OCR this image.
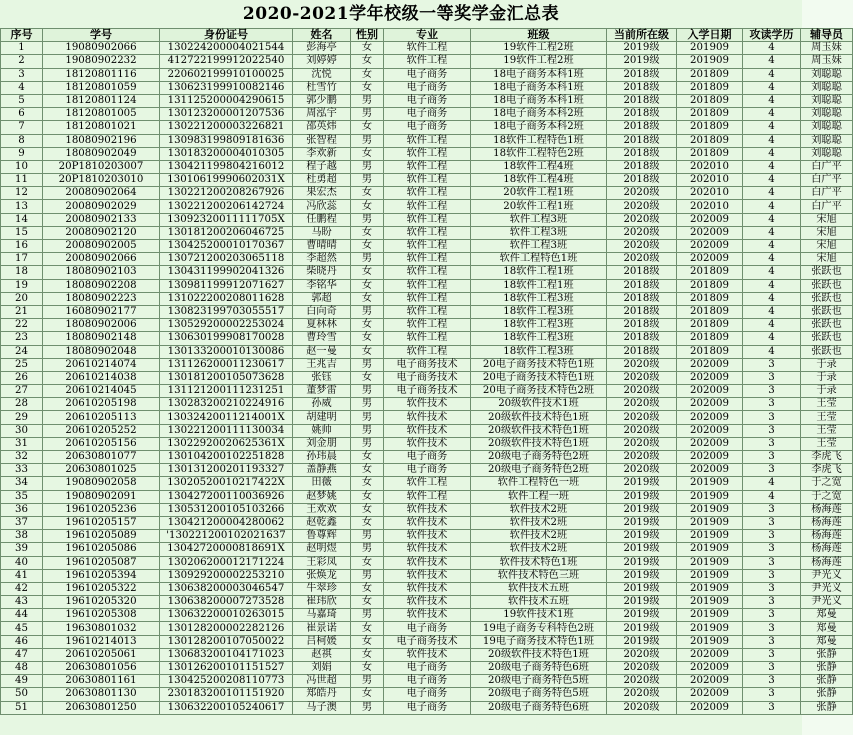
2020-2021学年校级一等奖学金汇总表
序号	学号	身份证号	姓名	性别	专业	班级	当前所在级	入学日期	攻读学历	辅导员
1	19080902066	130224200004021544	彭海亭	女	软件工程	19软件工程2班	2019级	201909	4	周玉妹
2	19080902232	412722199912022540	刘婷婷	女	软件工程	19软件工程2班	2019级	201909	4	周玉妹
3	18120801116	220602199910100025	沈悦	女	电子商务	18电子商务本科1班	2018级	201809	4	刘聪聪
4	18120801059	130623199910082146	杜雪竹	女	电子商务	18电子商务本科1班	2018级	201809	4	刘聪聪
5	18120801124	131125200004290615	郭少鹏	男	电子商务	18电子商务本科1班	2018级	201809	4	刘聪聪
6	18120801005	130123200001207536	周泓宇	男	电子商务	18电子商务本科2班	2018级	201809	4	刘聪聪
7	18120801021	130221200003226821	邵英炜	女	电子商务	18电子商务本科2班	2018级	201809	4	刘聪聪
8	18080902196	130983199809181636	张智程	男	软件工程	18软件工程特色1班	2018级	201809	4	刘聪聪
9	18080902049	130183200004010305	李欢新	女	软件工程	18软件工程特色2班	2018级	201809	4	刘聪聪
10	20P1810203007	130421199804216012	程子越	男	软件工程	18软件工程4班	2018级	202010	4	白广平
11	20P1810203010	13010619990602031X	杜勇超	男	软件工程	18软件工程4班	2018级	202010	4	白广平
12	20080902064	130221200208267926	果宏杰	女	软件工程	20软件工程1班	2020级	202010	4	白广平
13	20080902029	130221200206142724	冯欣蕊	女	软件工程	20软件工程1班	2020级	202010	4	白广平
14	20080902133	13092320011111705X	任鹏程	男	软件工程	软件工程3班	2020级	202009	4	宋旭
15	20080902120	130181200206046725	马盼	女	软件工程	软件工程3班	2020级	202009	4	宋旭
16	20080902005	130425200010170367	曹晴晴	女	软件工程	软件工程3班	2020级	202009	4	宋旭
17	20080902066	130721200203065118	李超然	男	软件工程	软件工程特色1班	2020级	202009	4	宋旭
18	18080902103	130431199902041326	柴晓丹	女	软件工程	18软件工程1班	2018级	201809	4	张跃也
19	18080902208	130981199912071627	李铭华	女	软件工程	18软件工程1班	2018级	201809	4	张跃也
20	18080902223	131022200208011628	郭超	女	软件工程	18软件工程3班	2018级	201809	4	张跃也
21	16080902177	130823199703055517	白向奇	男	软件工程	18软件工程3班	2018级	201809	4	张跃也
22	18080902006	130529200002253024	夏林林	女	软件工程	18软件工程3班	2018级	201809	4	张跃也
23	18080902148	130630199908170028	曹玲雪	女	软件工程	18软件工程3班	2018级	201809	4	张跃也
24	18080902048	130133200010130086	赵一曼	女	软件工程	18软件工程3班	2018级	201809	4	张跃也
25	20610214074	131126200011230617	王兆吉	男	电子商务技术	20电子商务技术特色1班	2020级	202009	3	于录
26	20610214038	130181200105073628	张钰	女	电子商务技术	20电子商务技术特色1班	2020级	202009	3	于录
27	20610214045	131121200111231251	董梦雷	男	电子商务技术	20电子商务技术特色2班	2020级	202009	3	于录
28	20610205198	130283200210224916	孙威	男	软件技术	20级软件技术1班	2020级	202009	3	王莹
29	20610205113	13032420011214001X	胡建明	男	软件技术	20级软件技术特色1班	2020级	202009	3	王莹
30	20610205252	130221200111130034	姚帅	男	软件技术	20级软件技术特色1班	2020级	202009	3	王莹
31	20610205156	13022920020625361X	刘金朋	男	软件技术	20级软件技术特色1班	2020级	202009	3	王莹
32	20630801077	130104200102251828	孙玮晨	女	电子商务	20级电子商务特色2班	2020级	202009	3	李虎飞
33	20630801025	130131200201193327	盖静燕	女	电子商务	20级电子商务特色2班	2020级	202009	3	李虎飞
34	19080902058	130205200102174​22X	田薇	女	软件工程	软件工程特色一班	2019级	201909	4	于之宽
35	19080902091	130427200110036926	赵梦姚	女	软件工程	软件工程一班	2019级	201909	4	于之宽
36	19610205236	130531200105103266	王欢欢	女	软件技术	软件技术2班	2019级	201909	3	杨海莲
37	19610205157	130421200004280062	赵乾鑫	女	软件技术	软件技术2班	2019级	201909	3	杨海莲
38	19610205089	'130221200102021637	鲁尊辉	男	软件技术	软件技术2班	2019级	201909	3	杨海莲
39	19610205086	130427200008186​91X	赵明煜	男	软件技术	软件技术2班	2019级	201909	3	杨海莲
40	19610205087	130206200012171224	王彩凤	女	软件技术	软件技术特色1班	2019级	201909	3	杨海莲
41	19610205394	130929200002253210	张焕龙	男	软件技术	软件技术特色三班	2019级	201909	3	尹光义
42	19610205322	130638200003046547	牛翠珍	女	软件技术	软件技术五班	2019级	201909	3	尹光义
43	19610205320	130638200007273528	崔玮欣	女	软件技术	软件技术五班	2019级	201909	3	尹光义
44	19610205308	130632200010263015	马嘉琦	男	软件技术	19软件技术1班	2019级	201909	3	郑曼
45	19630801032	130128200002282126	崔景诺	女	电子商务	19电子商务专科特色2班	2019级	201909	3	郑曼
46	19610214013	130128200107050022	吕柯媛	女	电子商务技术	19电子商务技术特色1班	2019级	201909	3	郑曼
47	20610205061	130683200104171023	赵祺	女	软件技术	20级软件技术特色1班	2020级	202009	3	张静
48	20630801056	130126200101151527	刘娟	女	电子商务	20级电子商务特色6班	2020级	202009	3	张静
49	20630801161	130425200208110773	冯世超	男	电子商务	20级电子商务特色5班	2020级	202009	3	张静
50	20630801130	230183200101151920	郑皓丹	女	电子商务	20级电子商务特色5班	2020级	202009	3	张静
51	20630801250	130632200105240617	马子澳	男	电子商务	20级电子商务特色6班	2020级	202009	3	张静
